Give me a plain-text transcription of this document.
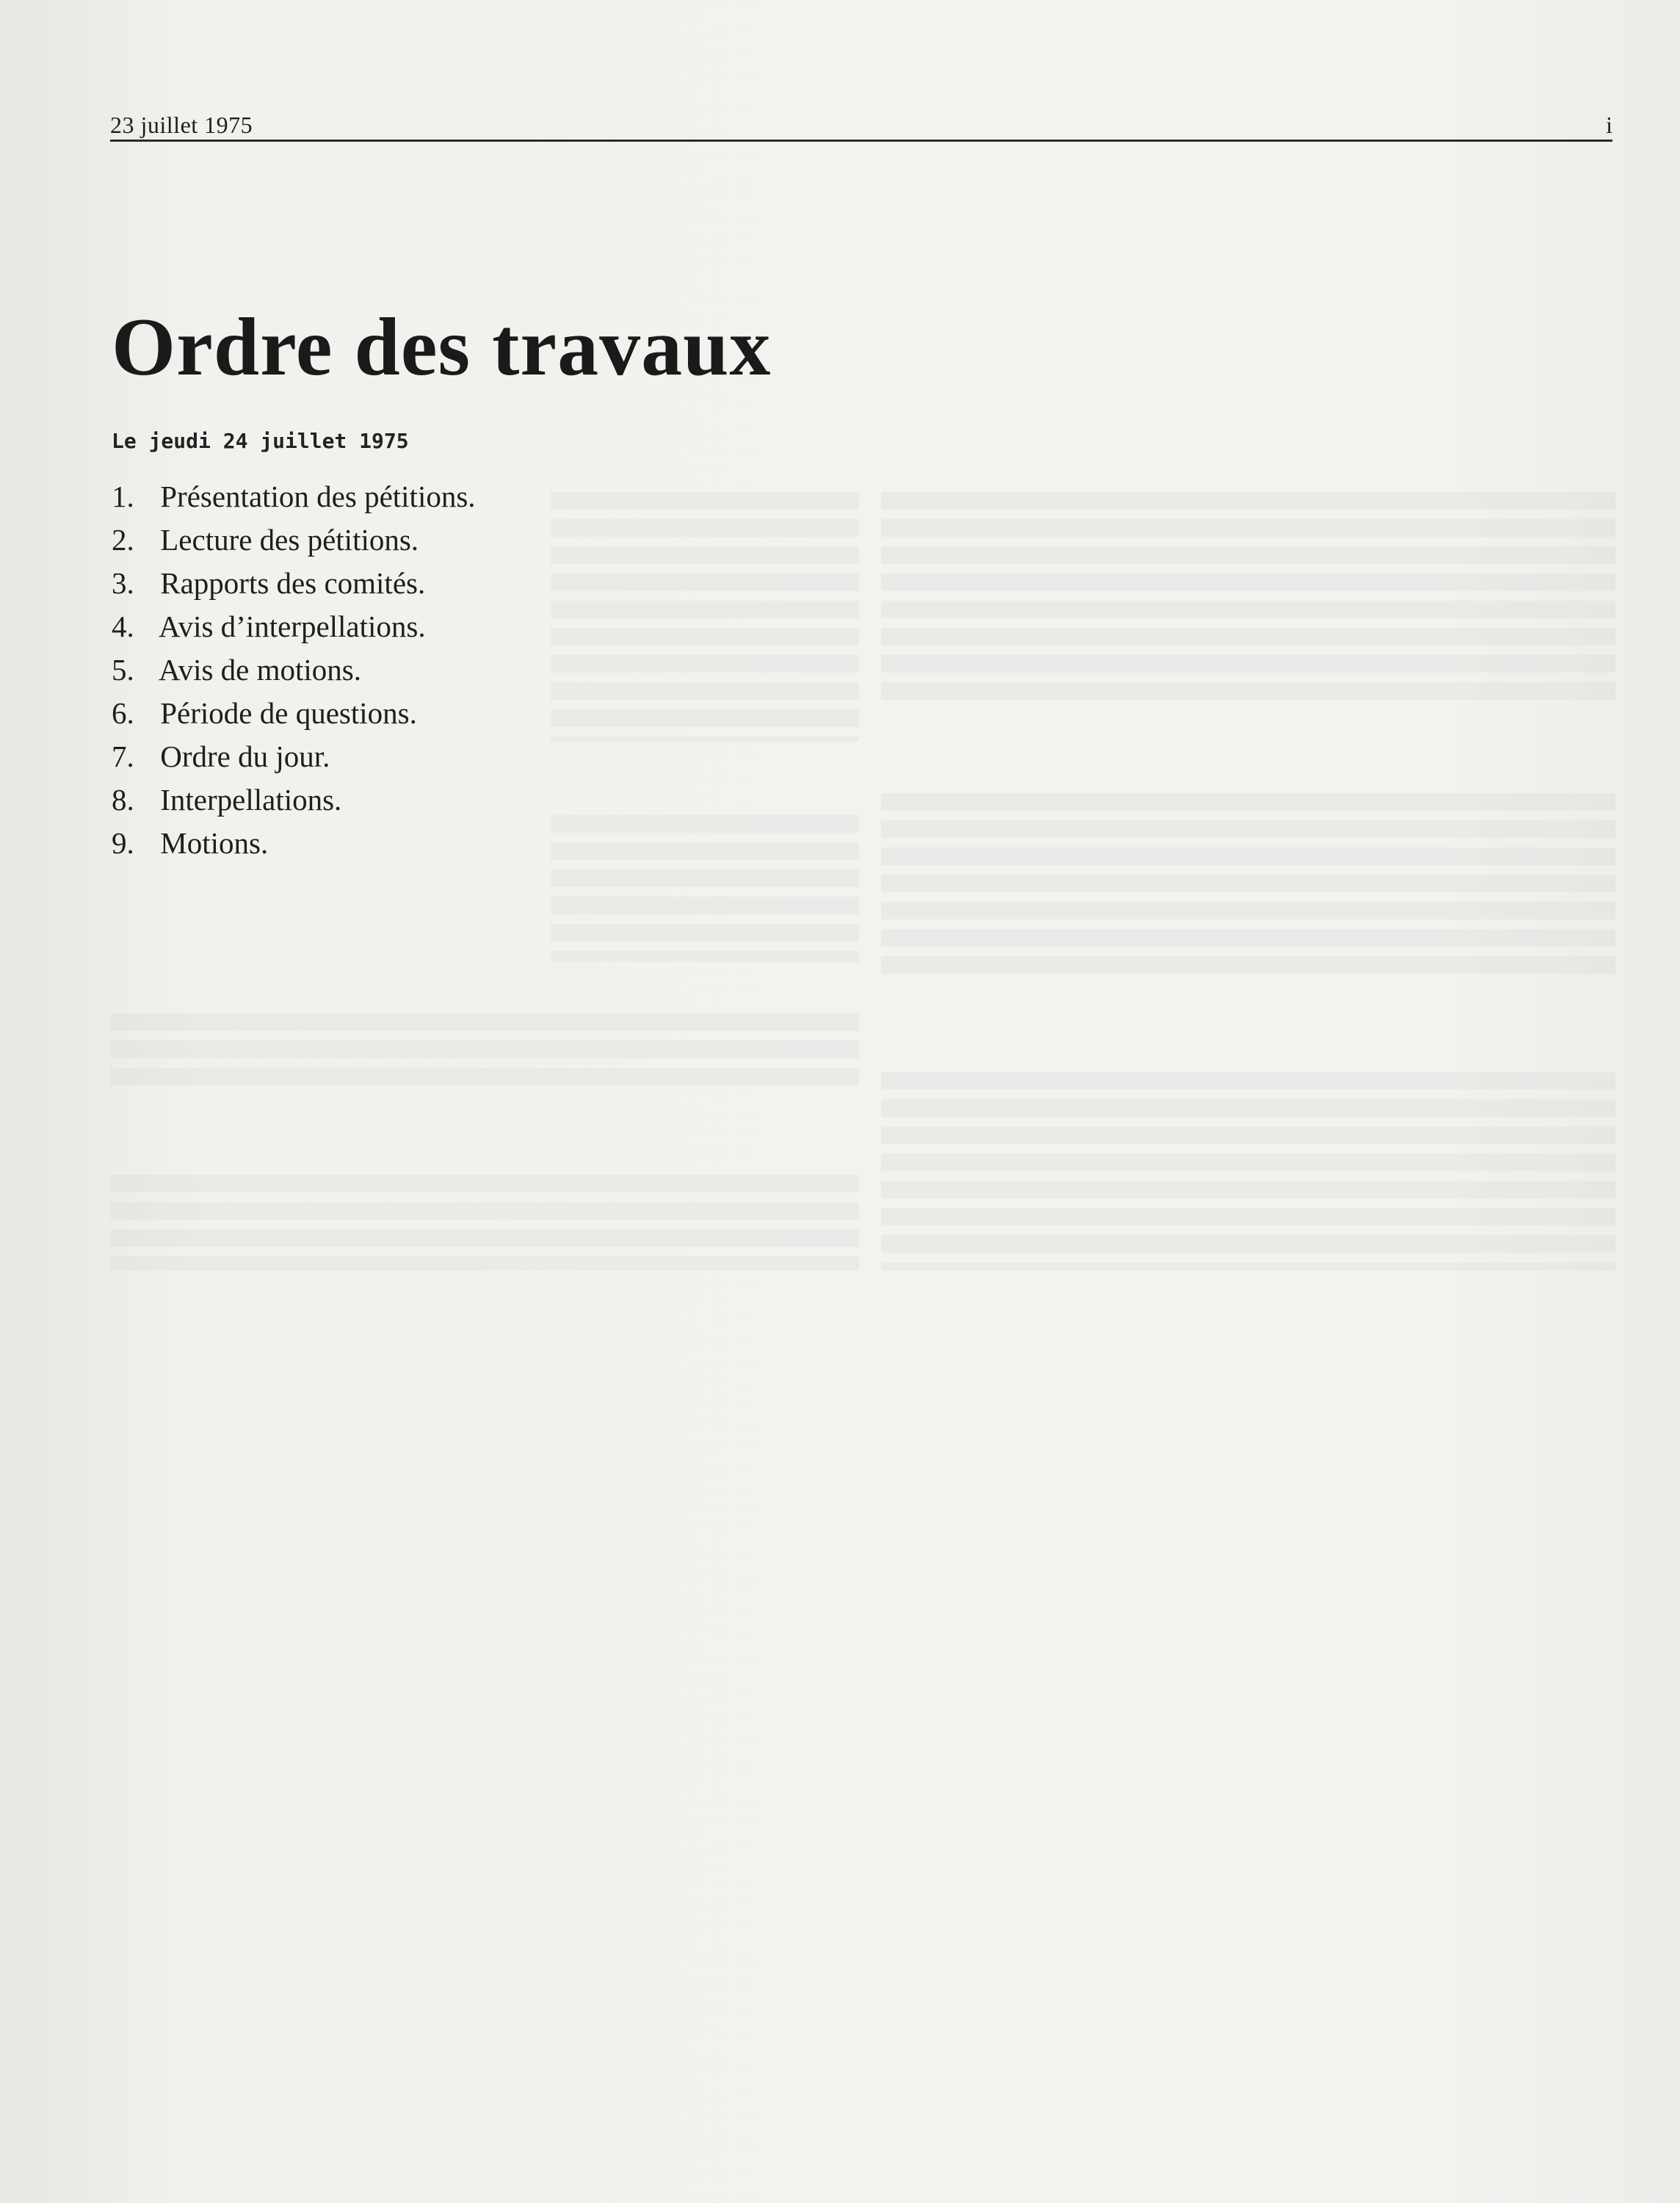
23 juillet 1975	i
Ordre des travaux
Le jeudi 24 juillet 1975
1. Présentation des pétitions.
2. Lecture des pétitions.
3. Rapports des comités.
4. Avis d’interpellations.
5. Avis de motions.
6. Période de questions.
7. Ordre du jour.
8. Interpellations.
9. Motions.
